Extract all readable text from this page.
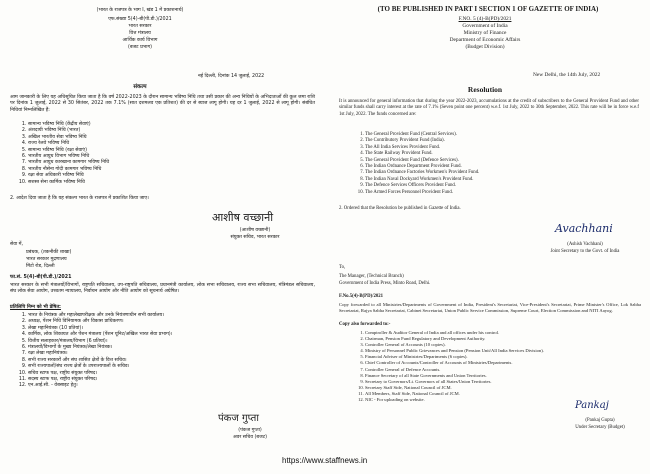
(भारत के राजपत्र के भाग I, खंड 1 में प्रकाशनार्थ)
एफ.संख्या 5(4)-बी(पी.डी.)/2021
भारत सरकार
वित्त मंत्रालय
आर्थिक कार्य विभाग
(बजट प्रभाग)
नई दिल्ली, दिनांक 14 जुलाई, 2022
संकल्प
आम जानकारी के लिए यह अधिसूचित किया जाता है कि वर्ष 2022-2023 के दौरान सामान्य भविष्य निधि तथा उसी प्रकार की अन्य निधियों के अभिदाताओं की कुल जमा राशि पर दिनांक 1 जुलाई, 2022 से 30 सितंबर, 2022 तक 7.1% (सात दशमलव एक प्रतिशत) की दर से ब्याज लागू होगी। यह दर 1 जुलाई, 2022 से लागू होगी। संबंधित निधियां निम्नलिखित हैं:
1. सामान्य भविष्य निधि (केंद्रीय सेवाएं)
2. अंशदायी भविष्य निधि (भारत)
3. अखिल भारतीय सेवा भविष्य निधि
4. राज्य रेलवे भविष्य निधि
5. सामान्य भविष्य निधि (रक्षा सेवाएं)
6. भारतीय आयुध विभाग भविष्य निधि
7. भारतीय आयुध कारखाना कामगार भविष्य निधि
8. भारतीय नौसेना गोदी कामगार भविष्य निधि
9. रक्षा सेवा अधिकारी भविष्य निधि
10. सशस्त्र सेना कार्मिक भविष्य निधि
2. आदेश दिया जाता है कि यह संकल्प भारत के राजपत्र में प्रकाशित किया जाए।
आशीष वच्छानी
(आशीष वच्छानी)
संयुक्त सचिव, भारत सरकार
सेवा में,
प्रबंधक, (तकनीकी शाखा)
भारत सरकार मुद्रणालय
मिंटो रोड, दिल्ली
फा.सं. 5(4)-बी(पी.डी.)/2021
भारत सरकार के सभी मंत्रालयों/विभागों, राष्ट्रपति सचिवालय, उप-राष्ट्रपति सचिवालय, प्रधानमंत्री कार्यालय, लोक सभा सचिवालय, राज्य सभा सचिवालय, मंत्रिमंडल सचिवालय, संघ लोक सेवा आयोग, उच्चतम न्यायालय, निर्वाचन आयोग और नीति आयोग को सूचनार्थ अग्रेषित।
प्रतिलिपि निम्न को भी प्रेषित:
1. भारत के नियंत्रक और महालेखापरीक्षक और उनके नियंत्रणाधीन सभी कार्यालय।
2. अध्यक्ष, पेंशन निधि विनियामक और विकास प्राधिकरण।
3. लेखा महानियंत्रक (10 प्रतियां)।
4. कार्मिक, लोक शिकायत और पेंशन मंत्रालय (पेंशन यूनिट/अखिल भारत सेवा प्रभाग)।
5. वित्तीय सलाहकार/मंत्रालय/विभाग (6 प्रतियां)।
6. मंत्रालयों/विभागों के मुख्य नियंत्रक/लेखा नियंत्रक।
7. रक्षा लेखा महानियंत्रक।
8. सभी राज्य सरकारों और संघ शासित क्षेत्रों के वित्त सचिव।
9. सभी राज्यपालों/संघ राज्य क्षेत्रों के उपराज्यपालों के सचिव।
10. सचिव स्टाफ पक्ष, राष्ट्रीय संयुक्त परिषद।
11. सदस्य स्टाफ पक्ष, राष्ट्रीय संयुक्त परिषद।
12. एन.आई.सी. - वेबसाइट हेतु।
पंकज गुप्ता
(पंकज गुप्ता)
अवर सचिव (बजट)
(TO BE PUBLISHED IN PART I SECTION 1 OF GAZETTE OF INDIA)
F.NO. 5 (4)-B(PD)/2021
Government of India
Ministry of Finance
Department of Economic Affairs
(Budget Division)
New Delhi, the 14th July, 2022
Resolution
It is announced for general information that during the year 2022-2023, accumulations at the credit of subscribers to the General Provident Fund and other similar funds shall carry interest at the rate of 7.1% (Seven point one percent) w.e.f. 1st July, 2022 to 30th September, 2022. This rate will be in force w.e.f 1st July, 2022. The funds concerned are:
1. The General Provident Fund (Central Services).
2. The Contributory Provident Fund (India).
3. The All India Services Provident Fund.
4. The State Railway Provident Fund.
5. The General Provident Fund (Defence Services).
6. The Indian Ordnance Department Provident Fund.
7. The Indian Ordnance Factories Workmen's Provident Fund.
8. The Indian Naval Dockyard Workmen's Provident Fund.
9. The Defence Services Officers Provident Fund.
10. The Armed Forces Personnel Provident Fund.
2. Ordered that the Resolution be published in Gazette of India.
Avachhani
(Ashish Vachhani)
Joint Secretary to the Govt. of India
To,
The Manager, (Technical Branch)
Government of India Press, Minto Road, Delhi.
F.No.5(4)-B(PD)/2021
Copy forwarded to all Ministries/Departments of Government of India, President's Secretariat, Vice-President's Secretariat, Prime Minister's Office, Lok Sabha Secretariat, Rajya Sabha Secretariat, Cabinet Secretariat, Union Public Service Commission, Supreme Court, Election Commission and NITI Aayog.
Copy also forwarded to:-
1. Comptroller & Auditor General of India and all offices under his control.
2. Chairman, Pension Fund Regulatory and Development Authority.
3. Controller General of Accounts (10 copies).
4. Ministry of Personnel Public Grievances and Pension (Pension Unit/All India Services Division).
5. Financial Adviser of Ministries/Departments (6 copies).
6. Chief Controller of Accounts/Controller of Accounts of Ministries/Departments.
7. Controller General of Defence Accounts.
8. Finance Secretary of all State Governments and Union Territories.
9. Secretary to Governors/Lt. Governors of all States/Union Territories.
10. Secretary Staff Side, National Council of JCM.
11. All Members, Staff Side, National Council of JCM.
12. NIC - For uploading on website.
Pankaj
(Pankaj Gupta)
Under Secretary (Budget)
https://www.staffnews.in
